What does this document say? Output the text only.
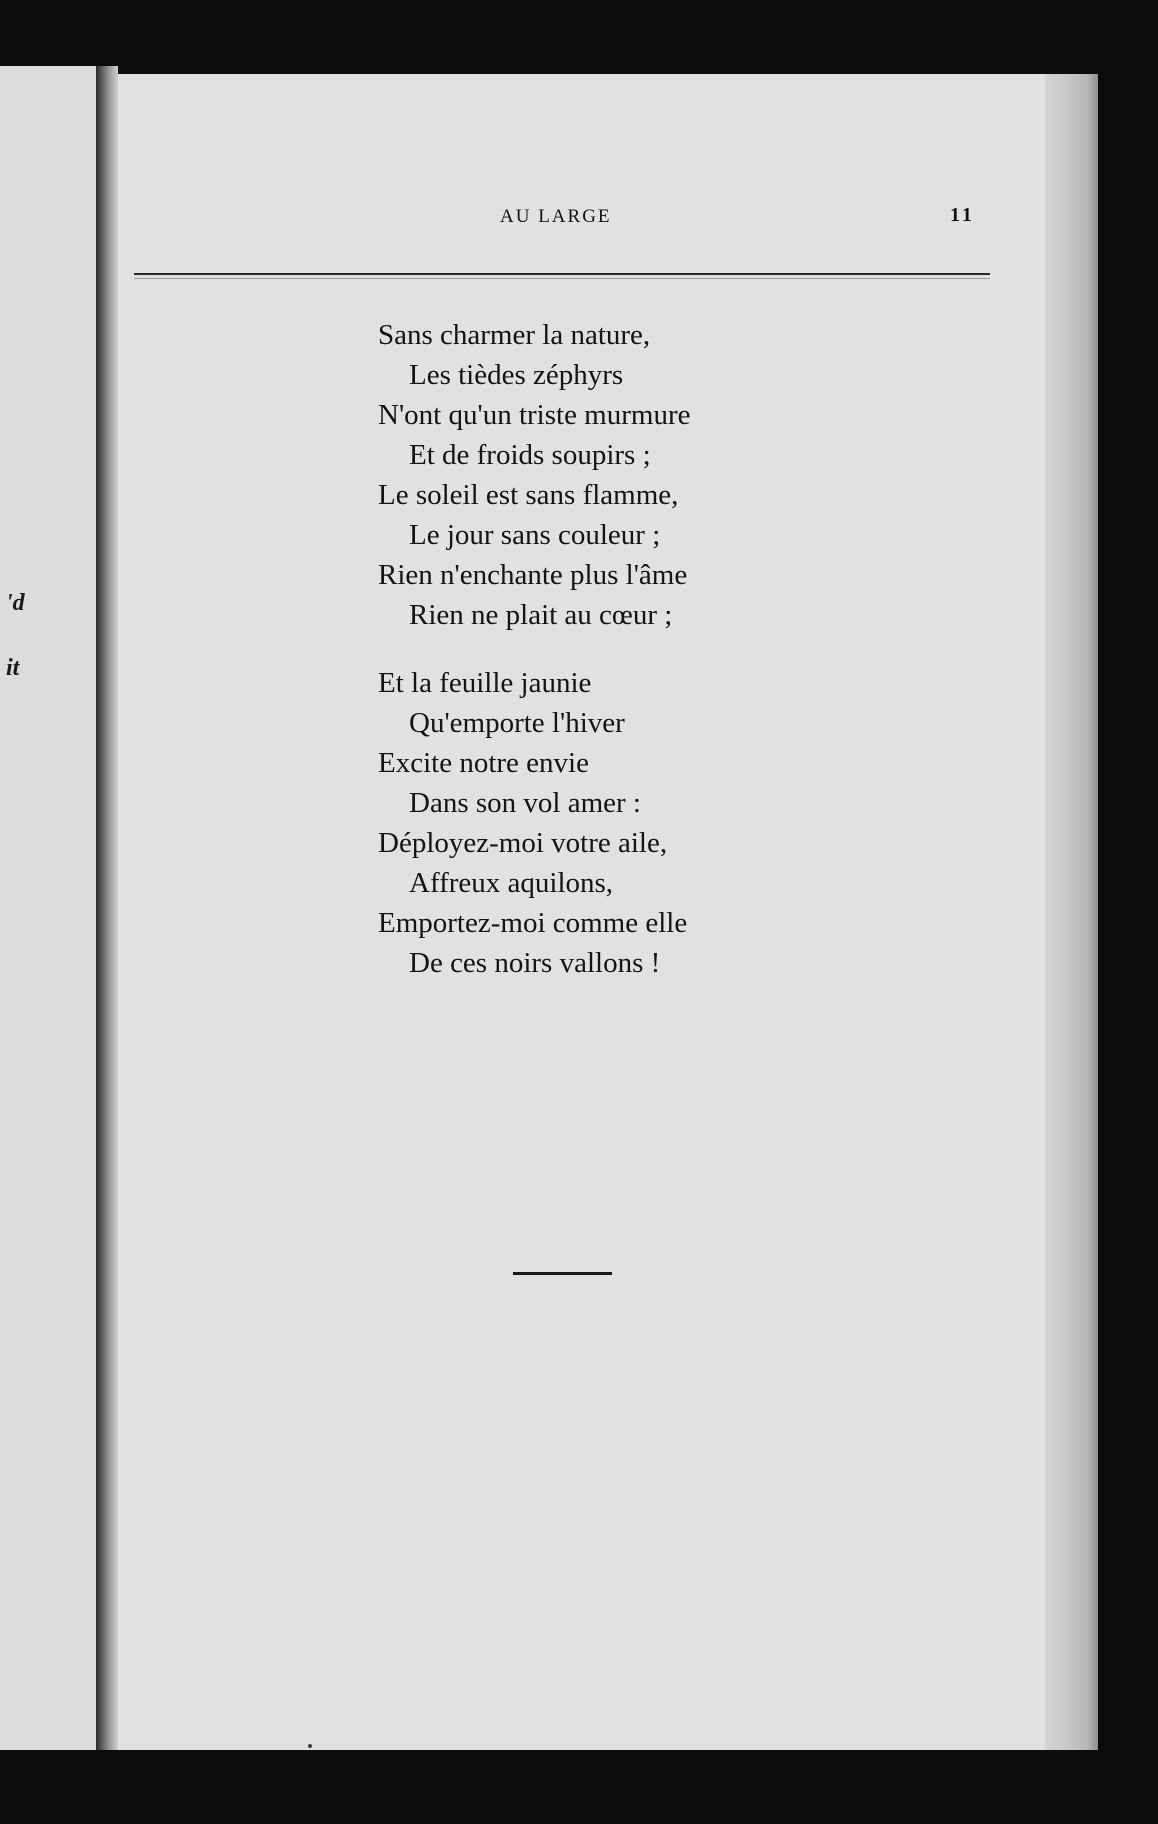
'd
it
AU LARGE	11
Sans charmer la nature,
Les tièdes zéphyrs
N'ont qu'un triste murmure
Et de froids soupirs ;
Le soleil est sans flamme,
Le jour sans couleur ;
Rien n'enchante plus l'âme
Rien ne plait au cœur ;
Et la feuille jaunie
Qu'emporte l'hiver
Excite notre envie
Dans son vol amer :
Déployez-moi votre aile,
Affreux aquilons,
Emportez-moi comme elle
De ces noirs vallons !
